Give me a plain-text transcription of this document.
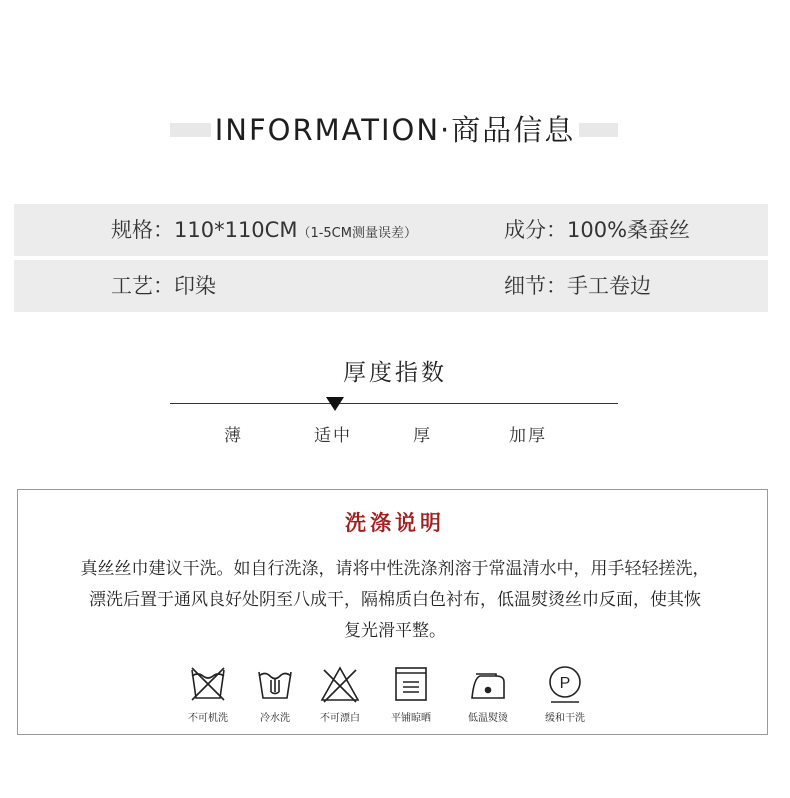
INFORMATION·商品信息
规格：110*110CM（1-5CM测量误差）	成分：100%桑蚕丝
工艺：印染	细节：手工卷边
厚度指数
薄	适中	厚	加厚
洗涤说明
真丝丝巾建议干洗。如自行洗涤，请将中性洗涤剂溶于常温清水中，用手轻轻搓洗，
漂洗后置于通风良好处阴至八成干，隔棉质白色衬布，低温熨烫丝巾反面，使其恢
复光滑平整。
不可机洗	冷水洗	不可漂白	平铺晾晒	低温熨烫
P
缓和干洗
